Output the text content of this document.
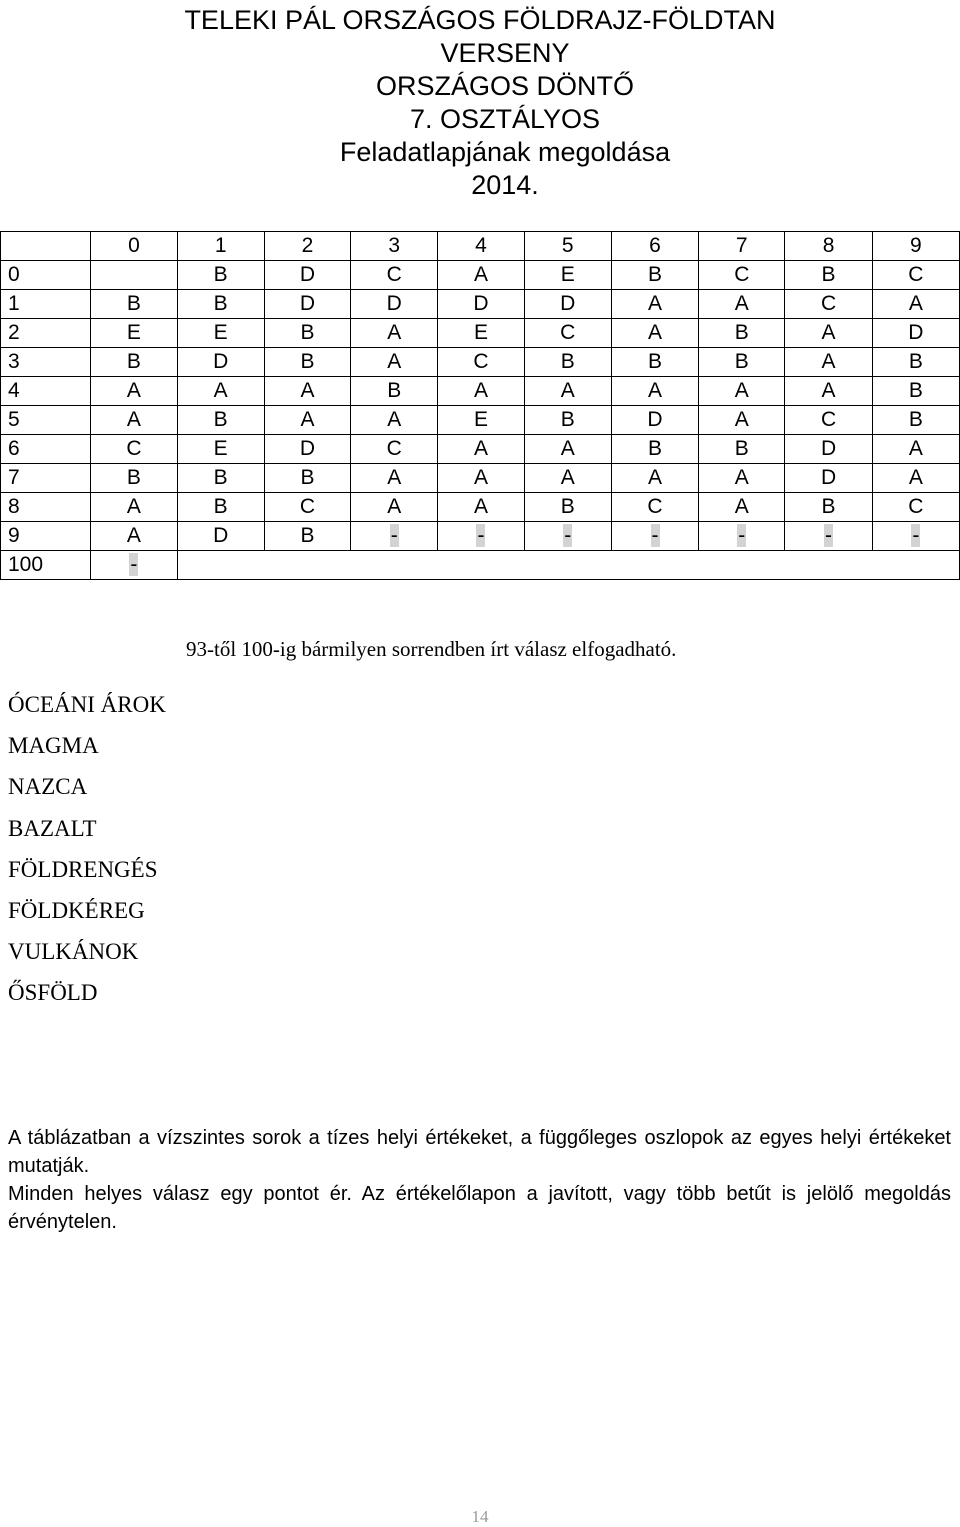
TELEKI PÁL ORSZÁGOS FÖLDRAJZ-FÖLDTAN
VERSENY
ORSZÁGOS DÖNTŐ
7. OSZTÁLYOS
Feladatlapjának megoldása
2014.
	0	1	2	3	4	5	6	7	8	9
0		B	D	C	A	E	B	C	B	C
1	B	B	D	D	D	D	A	A	C	A
2	E	E	B	A	E	C	A	B	A	D
3	B	D	B	A	C	B	B	B	A	B
4	A	A	A	B	A	A	A	A	A	B
5	A	B	A	A	E	B	D	A	C	B
6	C	E	D	C	A	A	B	B	D	A
7	B	B	B	A	A	A	A	A	D	A
8	A	B	C	A	A	B	C	A	B	C
9	A	D	B	-	-	-	-	-	-	-
100	-									
93-től 100-ig bármilyen sorrendben írt válasz elfogadható.
ÓCEÁNI ÁROK
MAGMA
NAZCA
BAZALT
FÖLDRENGÉS
FÖLDKÉREG
VULKÁNOK
ŐSFÖLD

A táblázatban a vízszintes sorok a tízes helyi értékeket, a függőleges oszlopok az egyes helyi értékeket mutatják.

Minden helyes válasz egy pontot ér. Az értékelőlapon a javított, vagy több betűt is jelölő megoldás érvénytelen.

14
